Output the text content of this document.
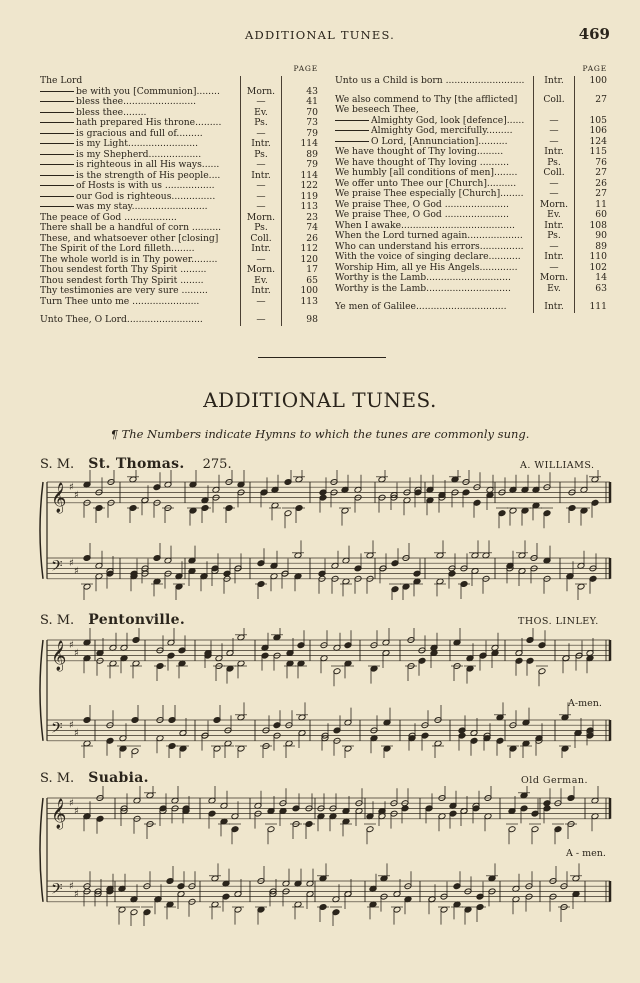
ADDITIONAL TUNES.	469
		PAGE
The Lord		
be with you [Communion]........	Morn.	43
bless thee.........................	—	41
bless thee........	Ev.	70
hath prepared His throne.........	Ps.	73
is gracious and full of.........	—	79
is my Light........................	Intr.	114
is my Shepherd..................	Ps.	89
is righteous in all His ways......	—	79
is the strength of His people....	Intr.	114
of Hosts is with us .................	—	122
our God is righteous...............	—	119
was my stay..........................	—	113
The peace of God ..................	Morn.	23
There shall be a handful of corn ..........	Ps.	74
These, and whatsoever other [closing]	Coll.	26
The Spirit of the Lord filleth........	Intr.	112
The whole world is in Thy power.........	—	120
Thou sendest forth Thy Spirit .........	Morn.	17
Thou sendest forth Thy Spirit ........	Ev.	65
Thy testimonies are very sure .........	Intr.	100
Turn Thee unto me .......................	—	113

Unto Thee, O Lord..........................	—	98
		PAGE
Unto us a Child is born ...........................	Intr.	100

We also commend to Thy [the afflicted]	Coll.	27
We beseech Thee,		
Almighty God, look [defence]......	—	105
Almighty God, mercifully.........	—	106
O Lord, [Annunciation]..........	—	124
We have thought of Thy loving.........	Intr.	115
We have thought of Thy loving ..........	Ps.	76
We humbly [all conditions of men]........	Coll.	27
We offer unto Thee our [Church]..........	—	26
We praise Thee especially [Church]........	—	27
We praise Thee, O God ......................	Morn.	11
We praise Thee, O God ......................	Ev.	60
When I awake.......................................	Intr.	108
When the Lord turned again...................	Ps.	90
Who can understand his errors...............	—	89
With the voice of singing declare...........	Intr.	110
Worship Him, all ye His Angels.............	—	102
Worthy is the Lamb.............................	Morn.	14
Worthy is the Lamb.............................	Ev.	63

Ye men of Galilee...............................	Intr.	111
ADDITIONAL TUNES.
¶ The Numbers indicate Hymns to which the tunes are commonly sung.
S. M. St. Thomas. 275.	A. WILLIAMS.
𝄞 ♯
♯
𝄢 ♯
♯
S. M. Pentonville.	THOS. LINLEY.
𝄞 ♯
♯
𝄢 ♯
♯
A-men.
S. M. Suabia.	Old German.
𝄞 ♯
♯
𝄢 ♯
♯
A - men.
